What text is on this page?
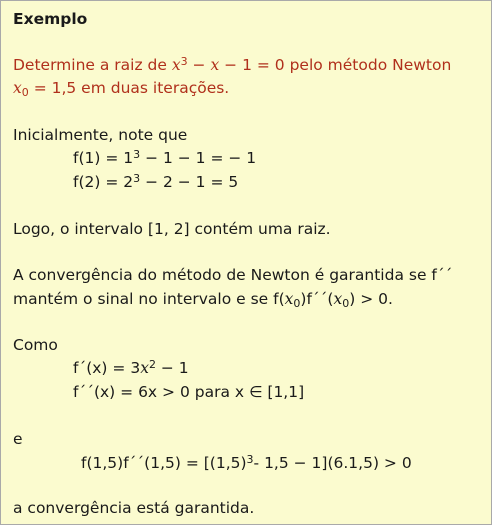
Exemplo
Determine a raiz de $x^3 - x - 1 = 0$ pelo método Newton
$x_0 = 1,5$ em duas iterações.
Inicialmente, note que
$f(1) = 1^3 - 1 - 1$ = − 1
$f(2) = 2^3 - 2 - 1 = 5$
Logo, o intervalo [1, 2] contém uma raiz.
A convergência do método de Newton é garantida se f´´
mantém o sinal no intervalo e se $f(x_0)f´´(x_0) > 0$.
Como
f´(x) = $3x^2 - 1$
f´´(x) = 6x > 0 para x ∈ [1,1]
e
f(1,5)f´´(1,5) = [$(1,5)^3-$ 1,5 − 1](6.1,5) > 0
a convergência está garantida.
